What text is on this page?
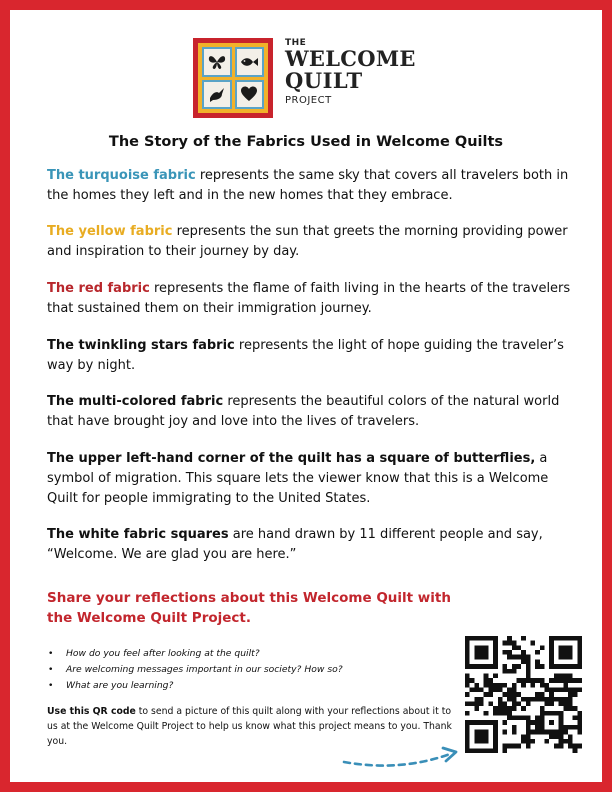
THE
WELCOME
QUILT
PROJECT
The Story of the Fabrics Used in Welcome Quilts

The turquoise fabric represents the same sky that covers all travelers both in the homes they left and in the new homes that they embrace.

The yellow fabric represents the sun that greets the morning providing power and inspiration to their journey by day.

The red fabric represents the flame of faith living in the hearts of the travelers that sustained them on their immigration journey.

The twinkling stars fabric represents the light of hope guiding the traveler’s way by night.

The multi-colored fabric represents the beautiful colors of the natural world that have brought joy and love into the lives of travelers.

The upper left-hand corner of the quilt has a square of butterflies, a symbol of migration. This square lets the viewer know that this is a Welcome Quilt for people immigrating to the United States.

The white fabric squares are hand drawn by 11 different people and say, “Welcome. We are glad you are here.”

Share your reflections about this Welcome Quilt with the Welcome Quilt Project.
• How do you feel after looking at the quilt?
• Are welcoming messages important in our society? How so?
• What are you learning?

Use this QR code to send a picture of this quilt along with your reflections about it to us at the Welcome Quilt Project to help us know what this project means to you. Thank you.
